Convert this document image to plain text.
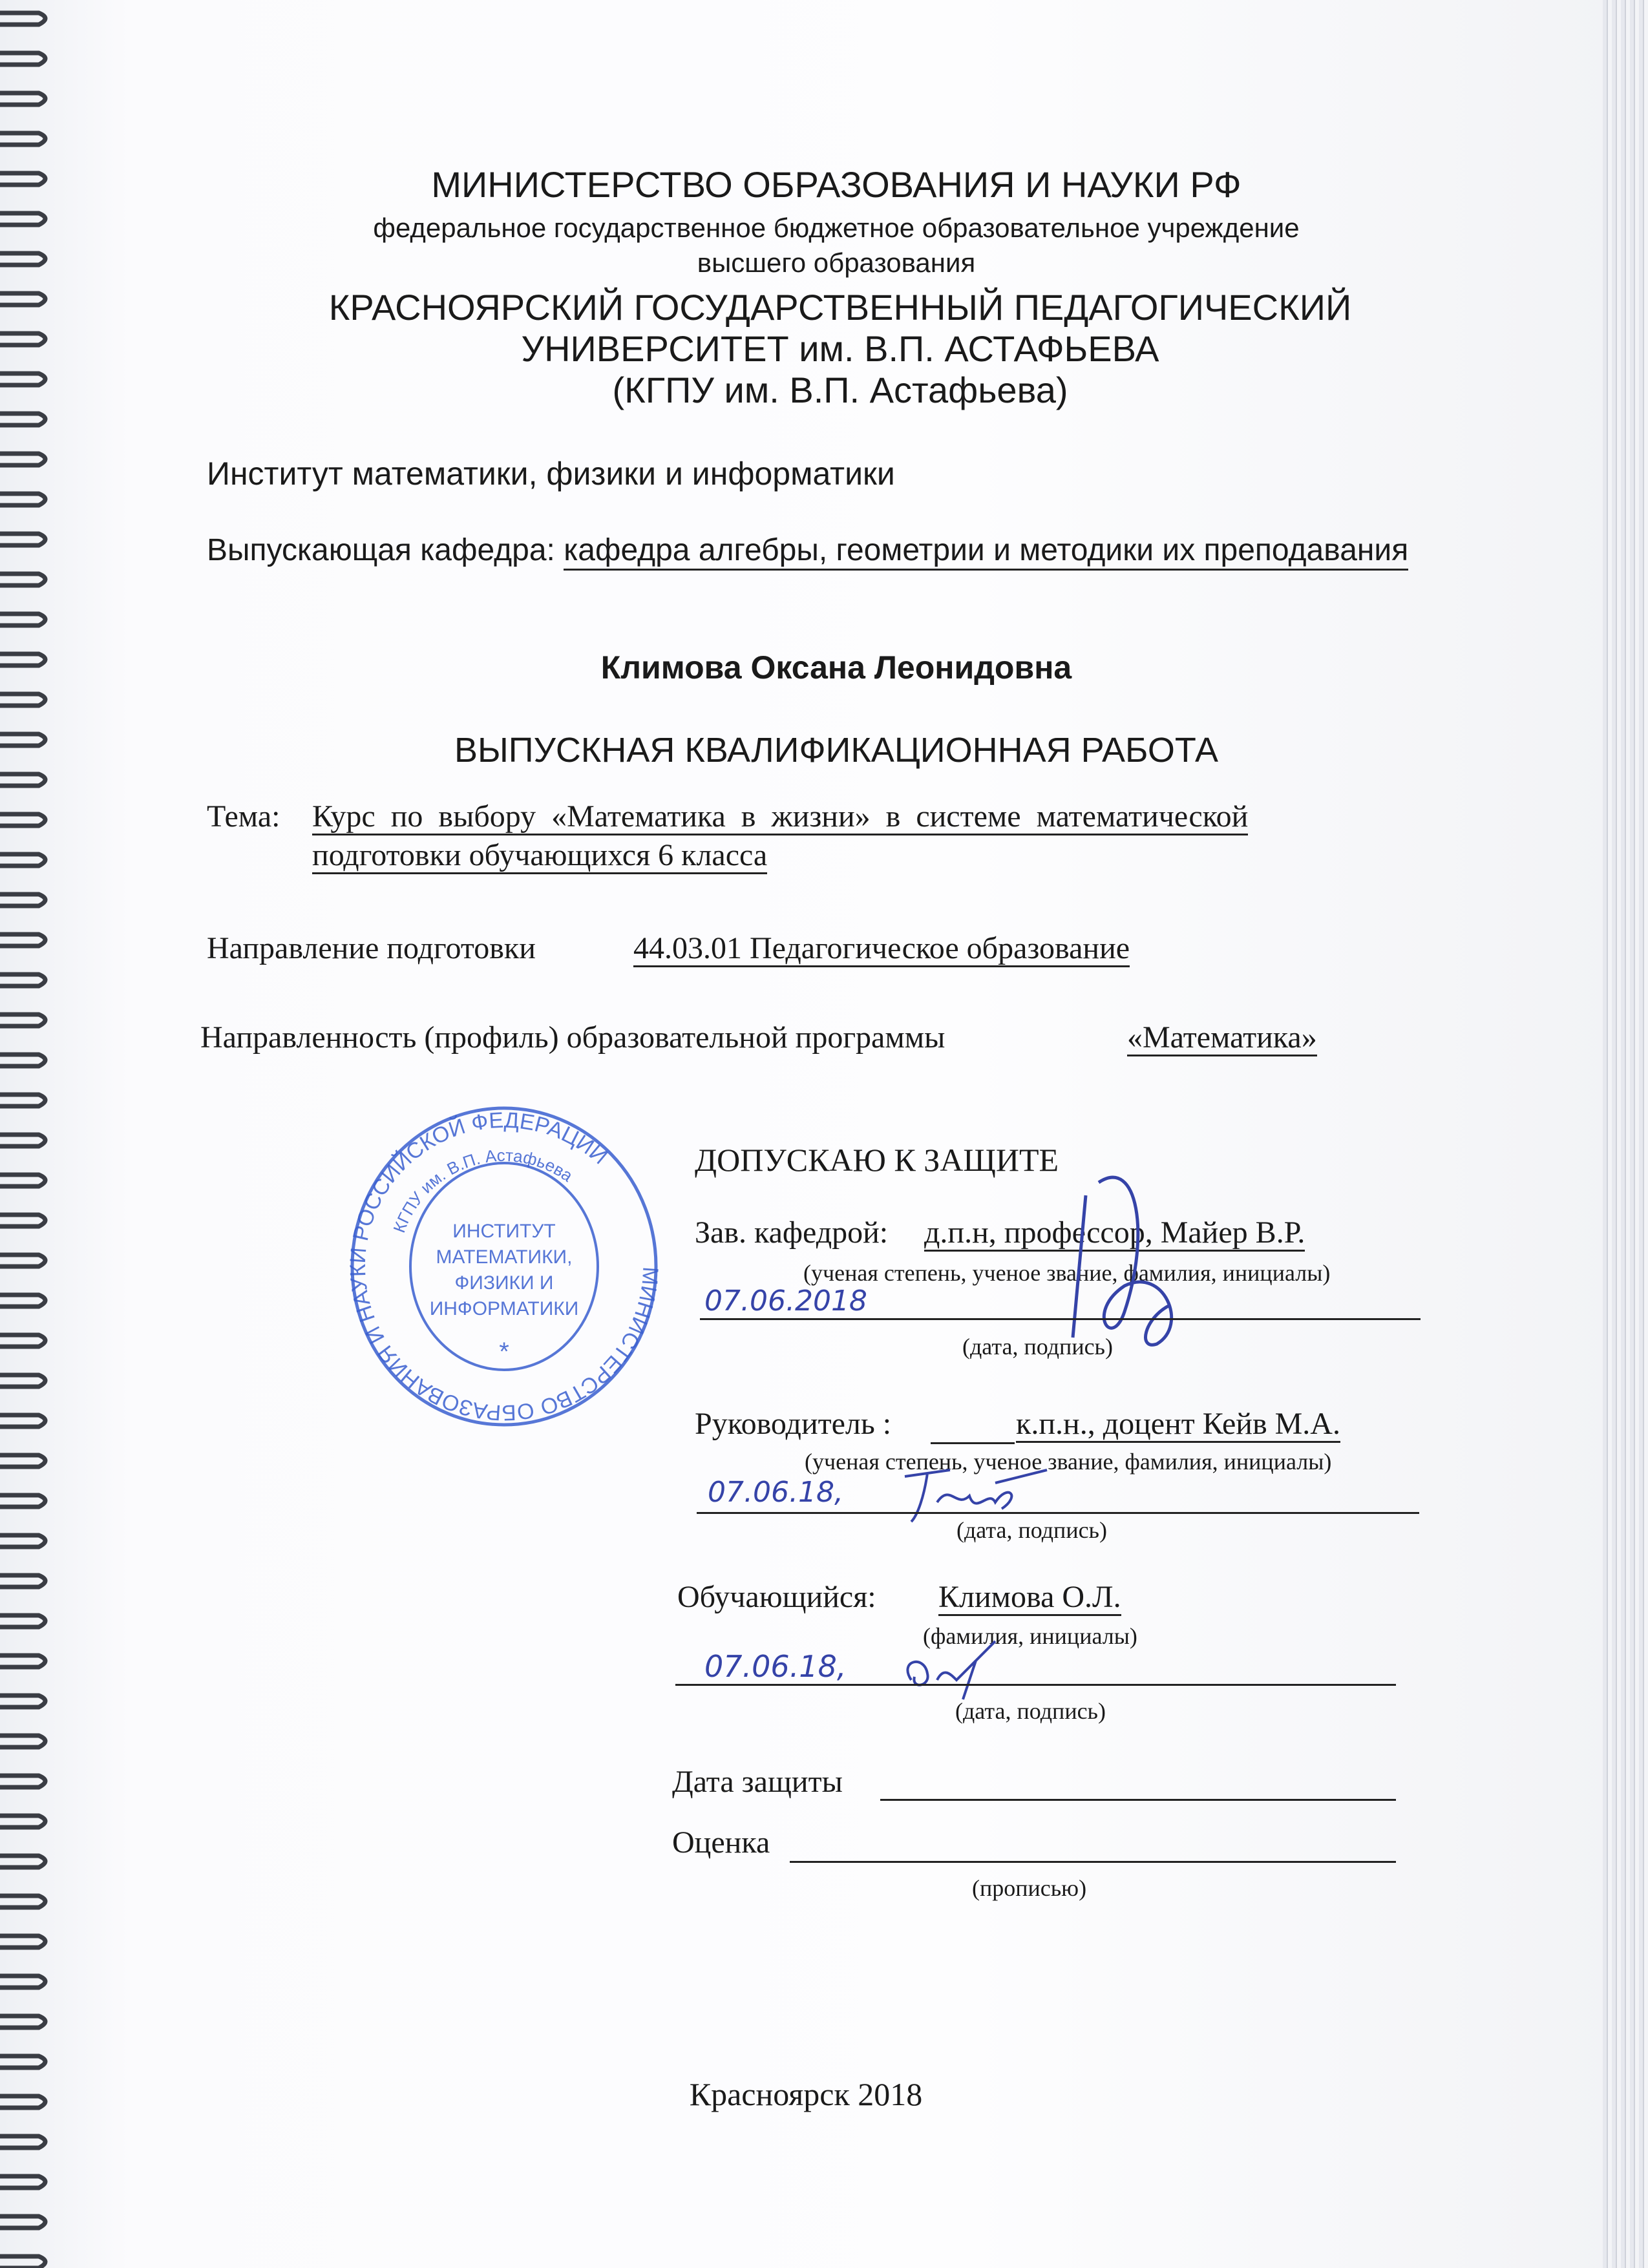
МИНИСТЕРСТВО ОБРАЗОВАНИЯ И НАУКИ РФ
федеральное государственное бюджетное образовательное учреждение
высшего образования
КРАСНОЯРСКИЙ ГОСУДАРСТВЕННЫЙ ПЕДАГОГИЧЕСКИЙ
УНИВЕРСИТЕТ им. В.П. АСТАФЬЕВА
(КГПУ им. В.П. Астафьева)
Институт математики, физики и информатики
Выпускающая кафедра: кафедра алгебры, геометрии и методики их преподавания
Климова Оксана Леонидовна
ВЫПУСКНАЯ КВАЛИФИКАЦИОННАЯ РАБОТА
Тема: Курс  по  выбору  «Математика  в  жизни»  в  системе  математической
подготовки обучающихся 6 класса
Направление подготовки	44.03.01 Педагогическое образование
Направленность (профиль) образовательной программы	«Математика»
МИНИСТЕРСТВО ОБРАЗОВАНИЯ И НАУКИ РОССИЙСКОЙ ФЕДЕРАЦИИ
КГПУ им. В.П. Астафьева
ИНСТИТУТ МАТЕМАТИКИ, ФИЗИКИ И ИНФОРМАТИКИ
*
ДОПУСКАЮ К ЗАЩИТЕ
Зав. кафедрой: д.п.н, профессор, Майер В.Р.
(ученая степень, ученое звание, фамилия, инициалы)
07.06.2018
(дата, подпись)
Руководитель :	к.п.н., доцент Кейв М.А.
(ученая степень, ученое звание, фамилия, инициалы)
07.06.18,
(дата, подпись)
Обучающийся: Климова О.Л.
(фамилия, инициалы)
07.06.18,
(дата, подпись)
Дата защиты
Оценка
(прописью)
Красноярск 2018
